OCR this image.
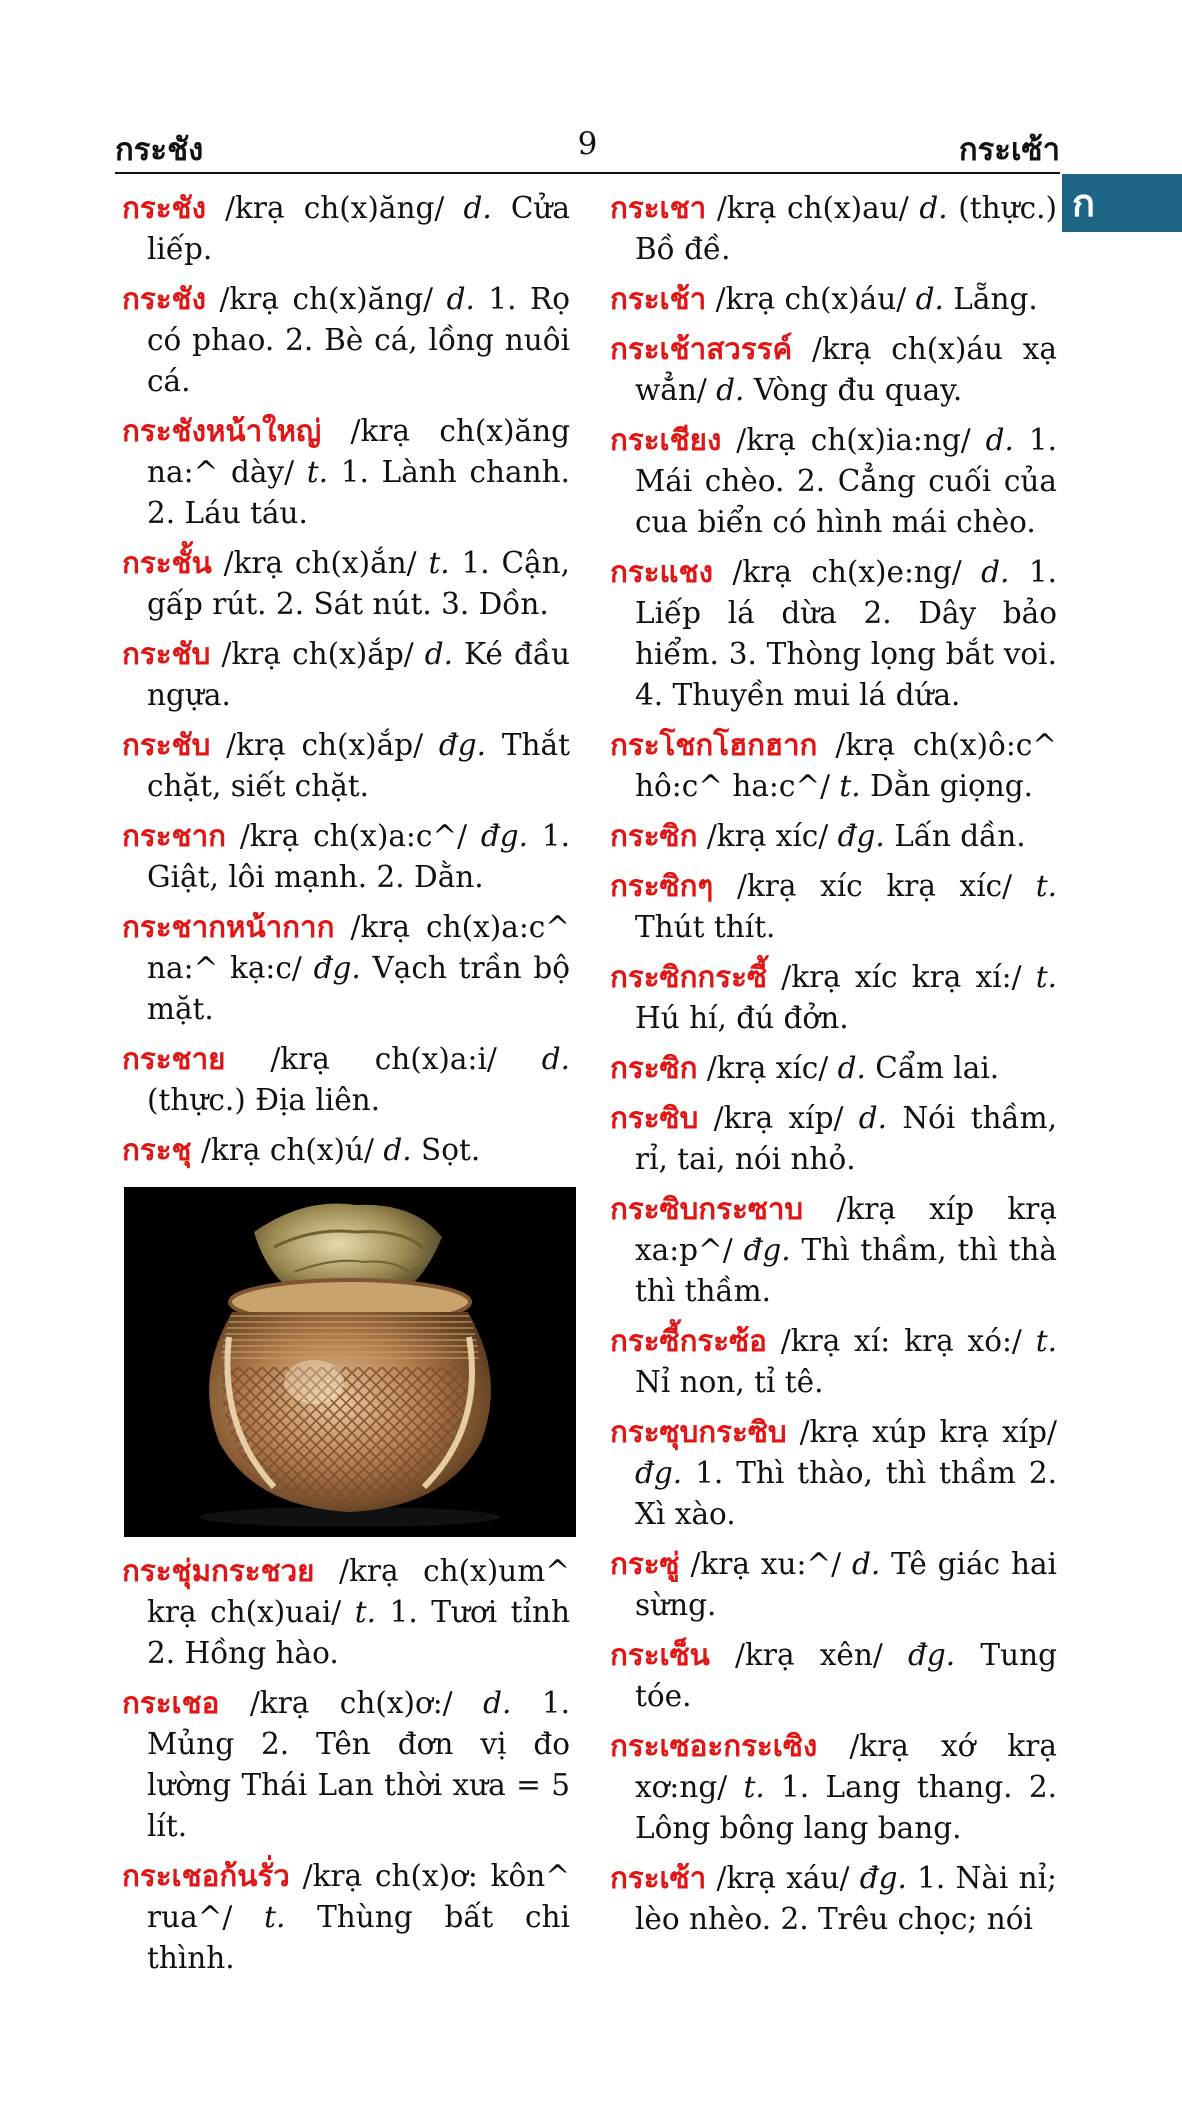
กระชัง	9	กระเซ้า
ก

กระชัง /krạ ch(x)ăng/ d. Cửa liếp.

กระชัง /krạ ch(x)ăng/ d. 1. Rọ có phao. 2. Bè cá, lồng nuôi cá.

กระชังหน้าใหญ่ /krạ ch(x)ăng na:^ dày/ t. 1. Lành chanh. 2. Láu táu.

กระชั้น /krạ ch(x)ắn/ t. 1. Cận, gấp rút. 2. Sát nút. 3. Dồn.

กระชับ /krạ ch(x)ắp/ d. Ké đầu ngựa.

กระชับ /krạ ch(x)ắp/ đg. Thắt chặt, siết chặt.

กระชาก /krạ ch(x)a:c^/ đg. 1. Giật, lôi mạnh. 2. Dằn.

กระชากหน้ากาก /krạ ch(x)a:c^ na:^ kạ:c/ đg. Vạch trần bộ mặt.

กระชาย /krạ ch(x)a:i/ d. (thực.) Địa liên.

กระชุ /krạ ch(x)ú/ d. Sọt.

กระชุ่มกระชวย /krạ ch(x)um^ krạ ch(x)uai/ t. 1. Tươi tỉnh 2. Hồng hào.

กระเชอ /krạ ch(x)ơ:/ d. 1. Mủng 2. Tên đơn vị đo lường Thái Lan thời xưa = 5 lít.

กระเชอก้นรั่ว /krạ ch(x)ơ: kôn^ rua^/ t. Thùng bất chi thình.

กระเชา /krạ ch(x)au/ d. (thực.) Bồ đề.

กระเช้า /krạ ch(x)áu/ d. Lẵng.

กระเช้าสวรรค์ /krạ ch(x)áu xạ wẳn/ d. Vòng đu quay.

กระเชียง /krạ ch(x)ia:ng/ d. 1. Mái chèo. 2. Cẳng cuối của cua biển có hình mái chèo.

กระแชง /krạ ch(x)e:ng/ d. 1. Liếp lá dừa 2. Dây bảo hiểm. 3. Thòng lọng bắt voi. 4. Thuyền mui lá dứa.

กระโชกโฮกฮาก /krạ ch(x)ô:c^ hô:c^ ha:c^/ t. Dằn giọng.

กระซิก /krạ xíc/ đg. Lấn dần.

กระซิกๆ /krạ xíc krạ xíc/ t. Thút thít.

กระซิกกระซี้ /krạ xíc krạ xí:/ t. Hú hí, đú đởn.

กระซิก /krạ xíc/ d. Cẩm lai.

กระซิบ /krạ xíp/ d. Nói thầm, rỉ, tai, nói nhỏ.

กระซิบกระซาบ /krạ xíp krạ xa:p^/ đg. Thì thầm, thì thà thì thầm.

กระซี้กระซ้อ /krạ xí: krạ xó:/ t. Nỉ non, tỉ tê.

กระซุบกระซิบ /krạ xúp krạ xíp/ đg. 1. Thì thào, thì thầm 2. Xì xào.

กระซู่ /krạ xu:^/ d. Tê giác hai sừng.

กระเซ็น /krạ xên/ đg. Tung tóe.

กระเซอะกระเซิง /krạ xớ krạ xơ:ng/ t. 1. Lang thang. 2. Lông bông lang bang.

กระเซ้า /krạ xáu/ đg. 1. Nài nỉ; lèo nhèo. 2. Trêu chọc; nói
